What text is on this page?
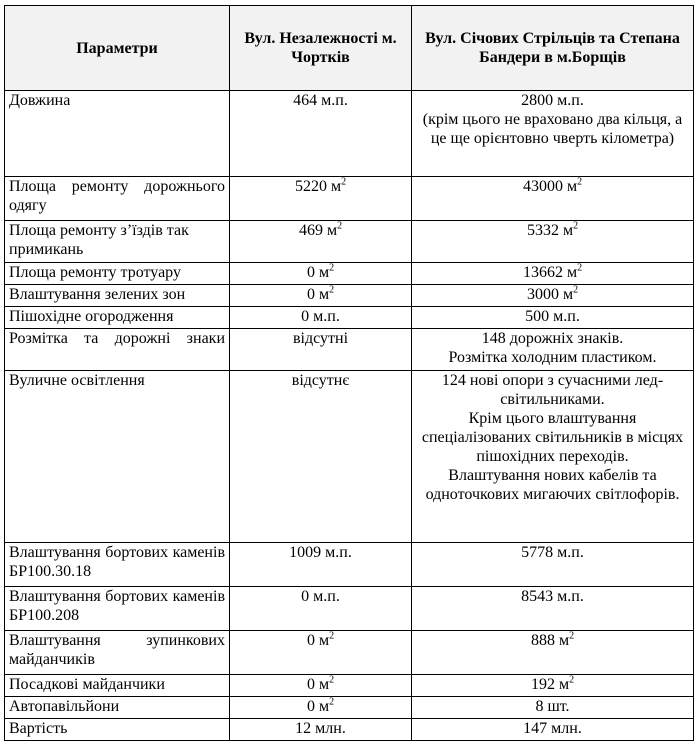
Параметри	Вул. Незалежності м. Чортків	Вул. Січових Стрільців та Степана Бандери в м.Борщів
Довжина	464 м.п.	2800 м.п.
(крім цього не враховано два кільця, а це ще орієнтовно чверть кілометра)

Площа ремонту дорожнього одягу	5220 $м^2$	43000 $м^2$
Площа ремонту з’їздів так примикань	469 $м^2$	5332 $м^2$
Площа ремонту тротуару	0 $м^2$	13662 $м^2$
Влаштування зелених зон	0 $м^2$	3000 $м^2$
Пішохідне огородження	0 м.п.	500 м.п.
Розмітка та дорожні знаки	відсутні	148 дорожніх знаків.
Розмітка холодним пластиком.

Вуличне освітлення	відсутнє	124 нові опори з сучасними лед-світильниками.
Крім цього влаштування спеціалізованих світильників в місцях пішохідних переходів.
Влаштування нових кабелів та одноточкових мигаючих світлофорів.

Влаштування бортових каменів БР100.30.18	1009 м.п.	5778 м.п.
Влаштування бортових каменів БР100.208	0 м.п.	8543 м.п.
Влаштування зупинкових майданчиків	0 $м^2$	888 $м^2$
Посадкові майданчики	0 $м^2$	192 $м^2$
Автопавільйони	0 $м^2$	8 шт.
Вартість	12 млн.	147 млн.
